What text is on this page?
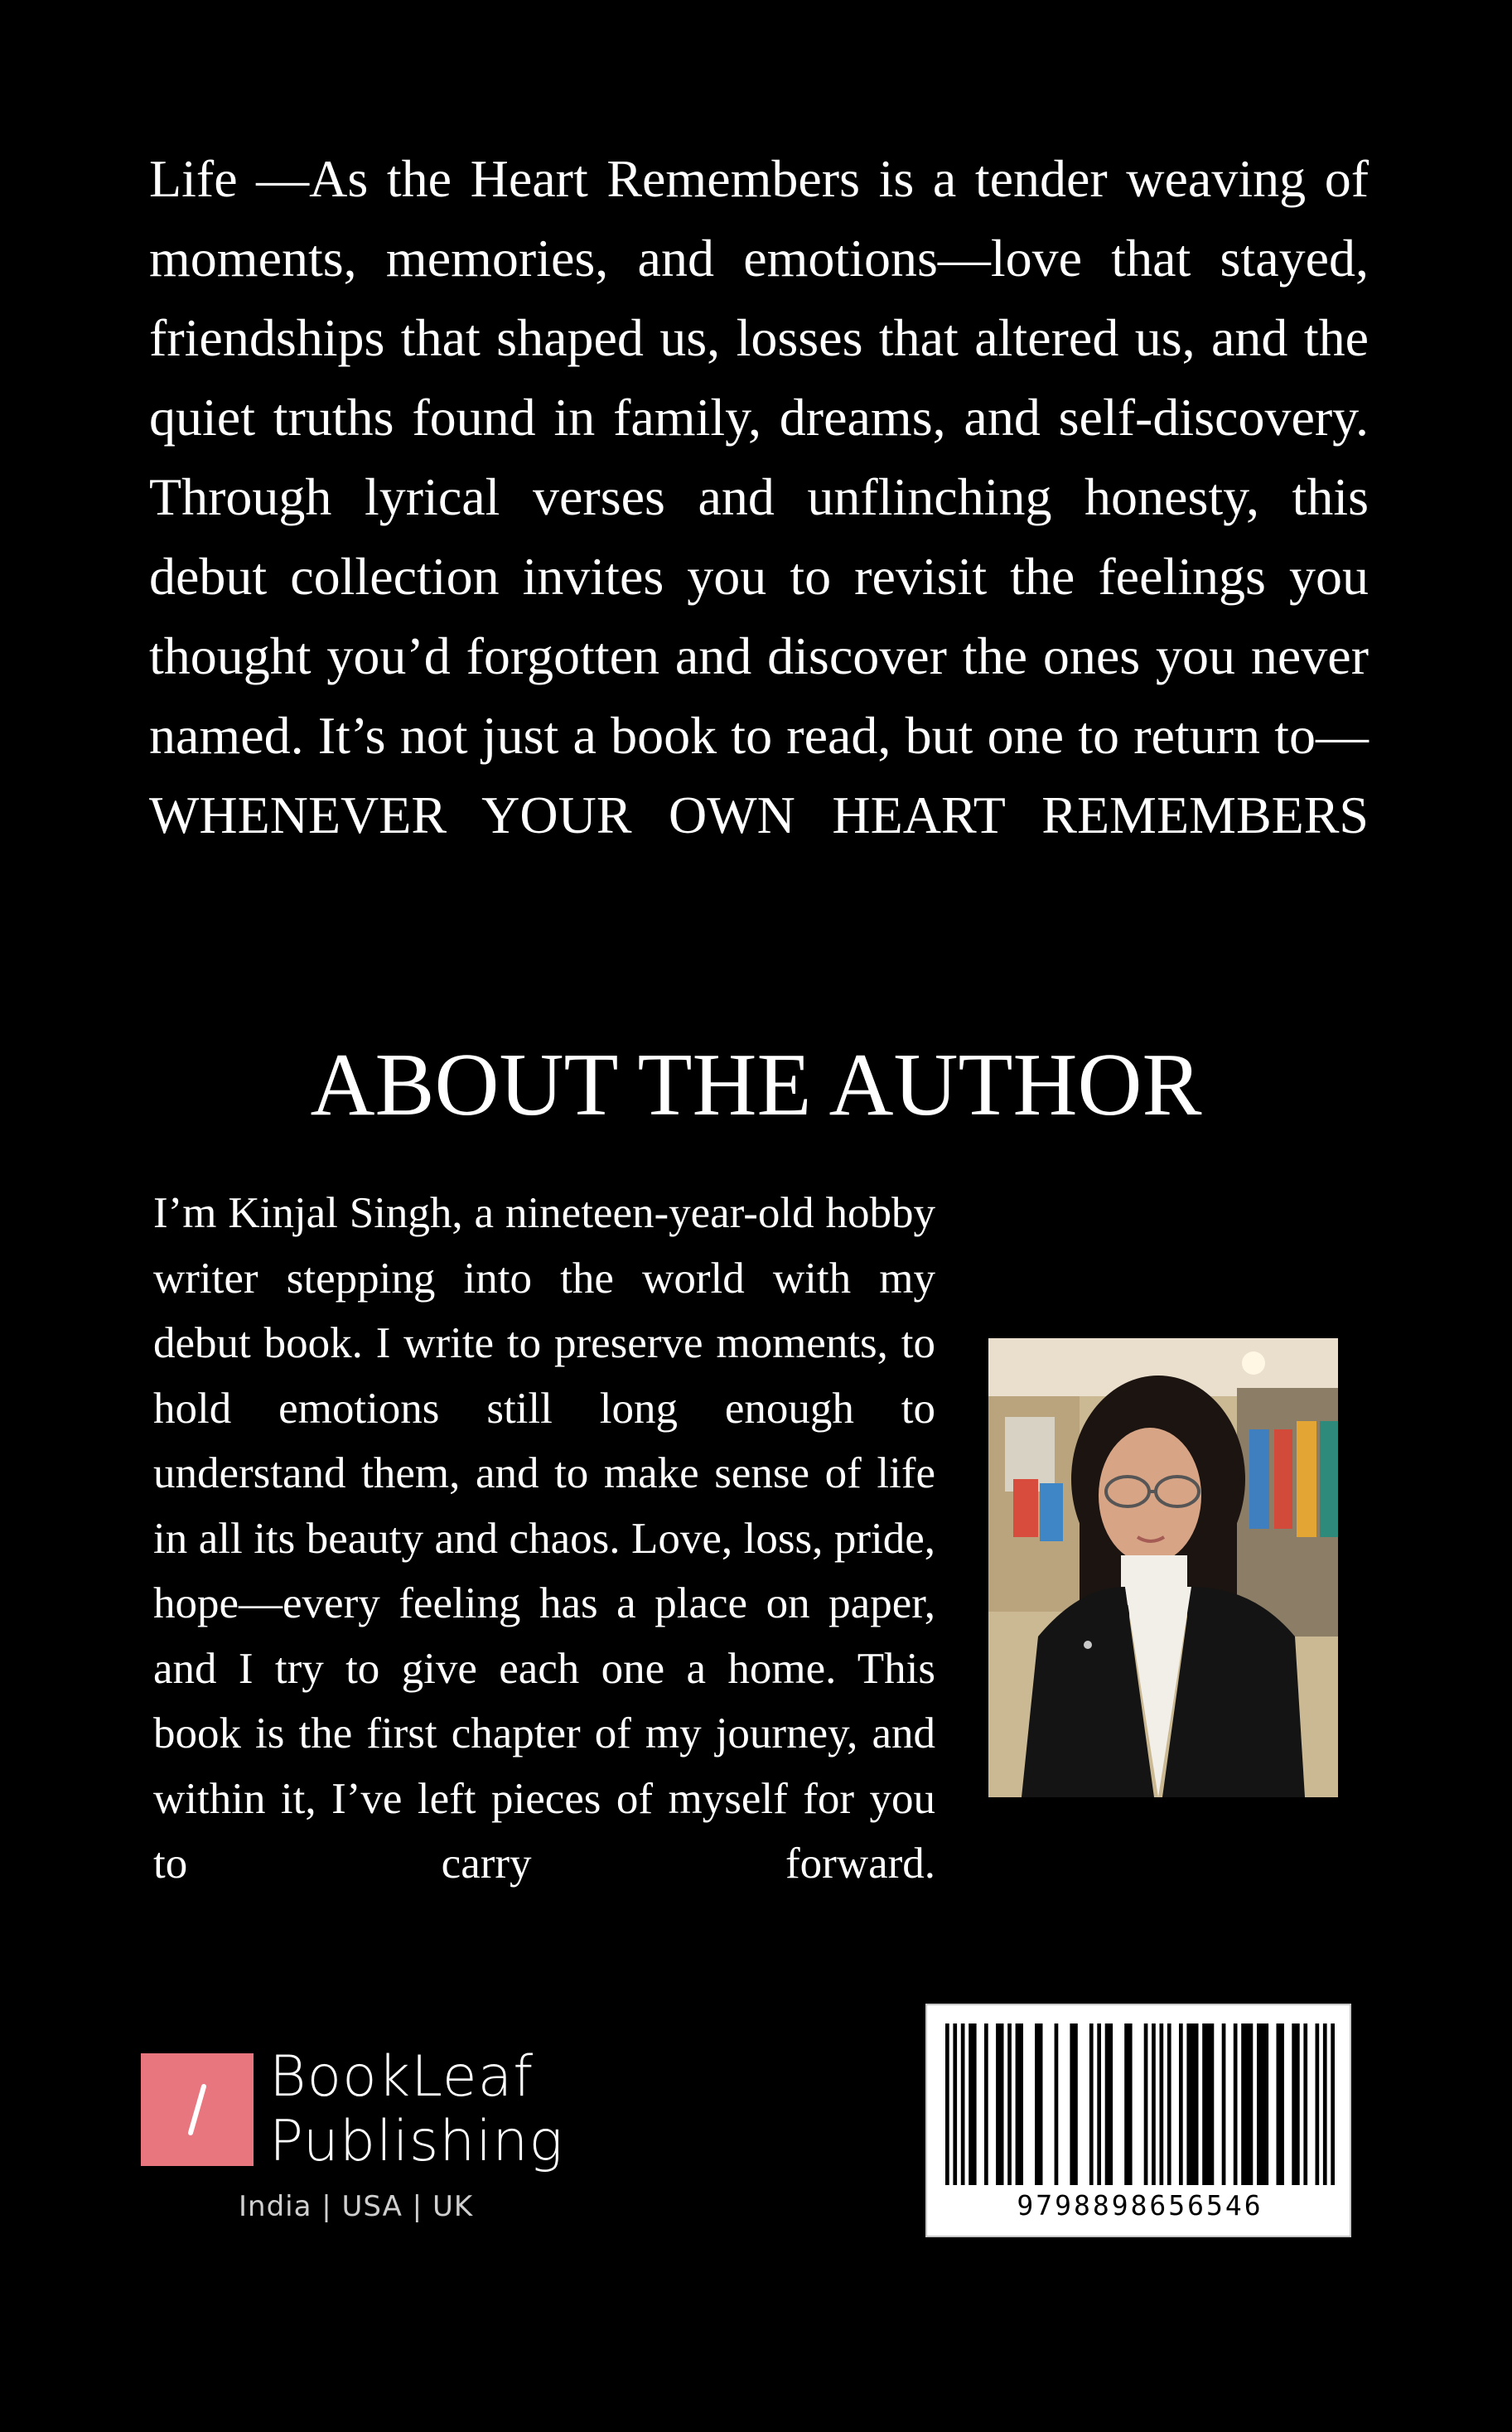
Life —As the Heart Remembers is a tender weaving of moments, memories, and emotions—love that stayed, friendships that shaped us, losses that altered us, and the quiet truths found in family, dreams, and self-discovery. Through lyrical verses and unflinching honesty, this debut collection invites you to revisit the feelings you thought you’d forgotten and discover the ones you never named. It’s not just a book to read, but one to return to—WHENEVER YOUR OWN HEART REMEMBERS

ABOUT THE AUTHOR

I’m Kinjal Singh, a nineteen-year-old hobby writer stepping into the world with my debut book. I write to preserve moments, to hold emotions still long enough to understand them, and to make sense of life in all its beauty and chaos. Love, loss, pride, hope—every feeling has a place on paper, and I try to give each one a home. This book is the first chapter of my journey, and within it, I’ve left pieces of myself for you to carry forward.

BookLeaf
Publishing
India | USA | UK	9798898656546
